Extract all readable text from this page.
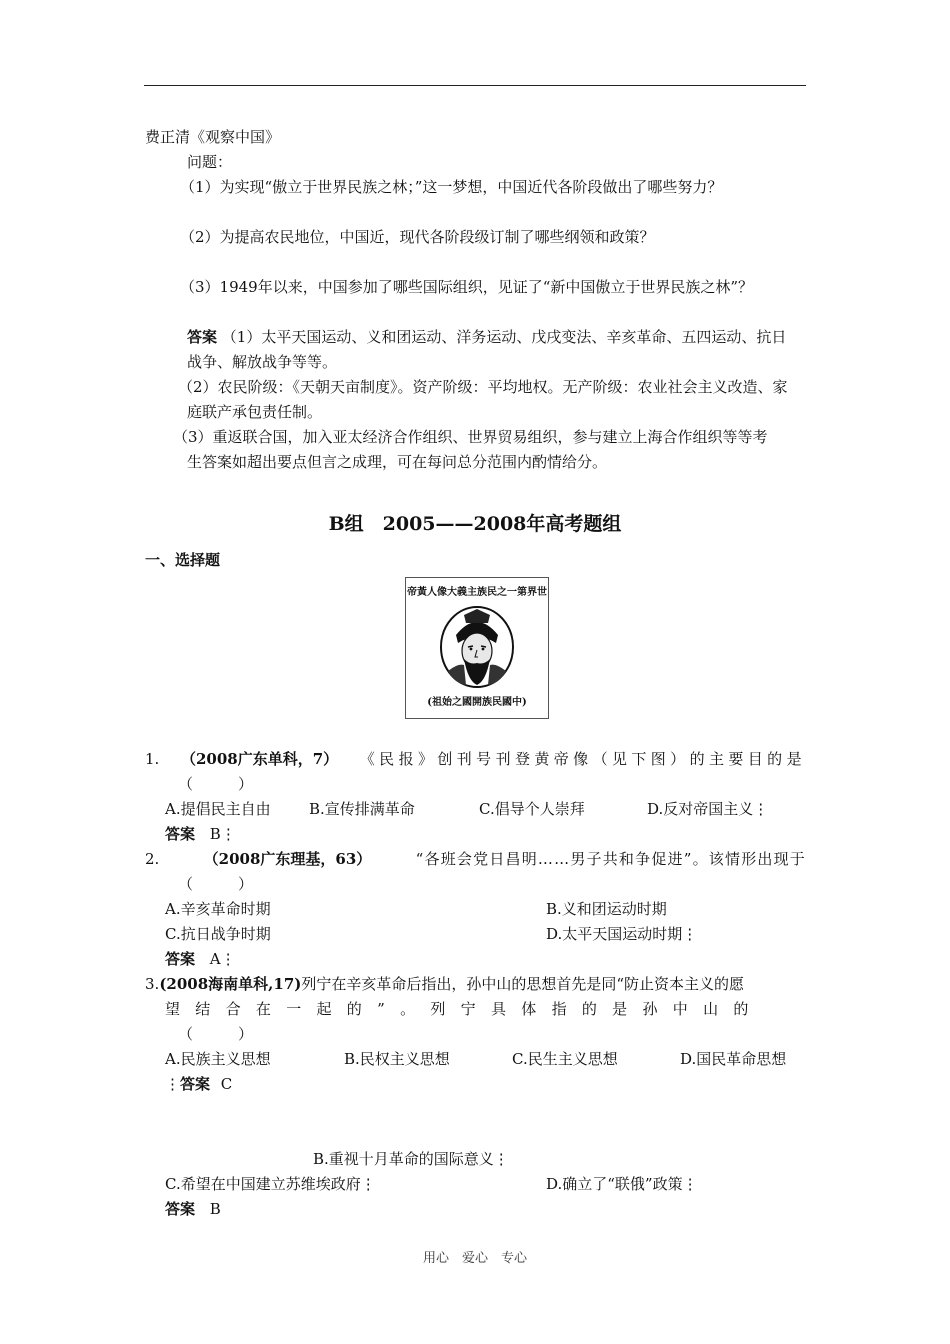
费正清《观察中国》
问题：
（1）为实现“傲立于世界民族之林；”这一梦想，中国近代各阶段做出了哪些努力？
（2）为提高农民地位，中国近，现代各阶段级订制了哪些纲领和政策？
（3）1949年以来，中国参加了哪些国际组织，见证了“新中国傲立于世界民族之林”？
答案 （1）太平天国运动、义和团运动、洋务运动、戊戌变法、辛亥革命、五四运动、抗日
战争、解放战争等等。
（2）农民阶级：《天朝天亩制度》。资产阶级：平均地权。无产阶级：农业社会主义改造、家
庭联产承包责任制。
（3）重返联合国，加入亚太经济合作组织、世界贸易组织，参与建立上海合作组织等等考
生答案如超出要点但言之成理，可在每问总分范围内酌情给分。
B组　2005——2008年高考题组
一、选择题
帝黃人像大義主族民之一第界世
(祖始之國開族民國中)
1. （2008广东单科，7） 《民报》创刊号刊登黄帝像（见下图）的主要目的是
（　　　）
A.提倡民主自由	B.宣传排满革命	C.倡导个人崇拜	D.反对帝国主义⋮
答案 B⋮
2.	（2008广东理基，63）	“各班会党日昌明……男子共和争促进”。该情形出现于
（　　　）
A.辛亥革命时期	B.义和团运动时期
C.抗日战争时期	D.太平天国运动时期⋮
答案 A⋮
3.(2008海南单科,17)列宁在辛亥革命后指出，孙中山的思想首先是同“防止资本主义的愿
望结合在一起的”。列宁具体指的是孙中山的
（　　　）
A.民族主义思想	B.民权主义思想	C.民生主义思想	D.国民革命思想
⋮答案 C
B.重视十月革命的国际意义⋮
C.希望在中国建立苏维埃政府⋮	D.确立了“联俄”政策⋮
答案 B
用心　爱心　专心
